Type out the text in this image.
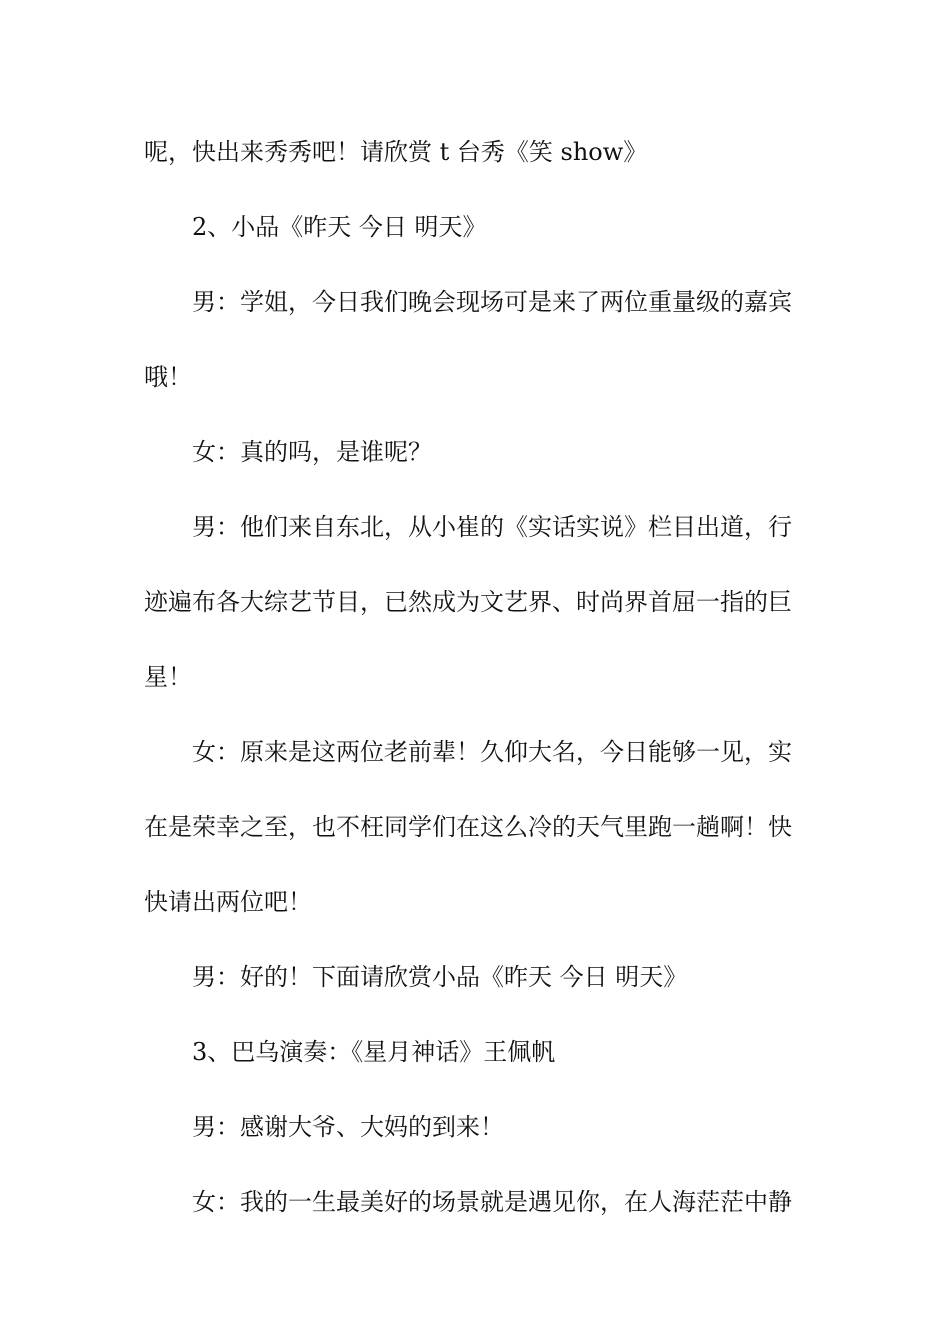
呢，快出来秀秀吧！请欣赏 t 台秀《笑 show》
2、小品《昨天 今日 明天》
男：学姐，今日我们晚会现场可是来了两位重量级的嘉宾
哦！
女：真的吗，是谁呢？
男：他们来自东北，从小崔的《实话实说》栏目出道，行
迹遍布各大综艺节目，已然成为文艺界、时尚界首屈一指的巨
星！
女：原来是这两位老前辈！久仰大名，今日能够一见，实
在是荣幸之至，也不枉同学们在这么冷的天气里跑一趟啊！快
快请出两位吧！
男：好的！下面请欣赏小品《昨天 今日 明天》
3、巴乌演奏：《星月神话》王佩帆
男：感谢大爷、大妈的到来！
女：我的一生最美好的场景就是遇见你，在人海茫茫中静
